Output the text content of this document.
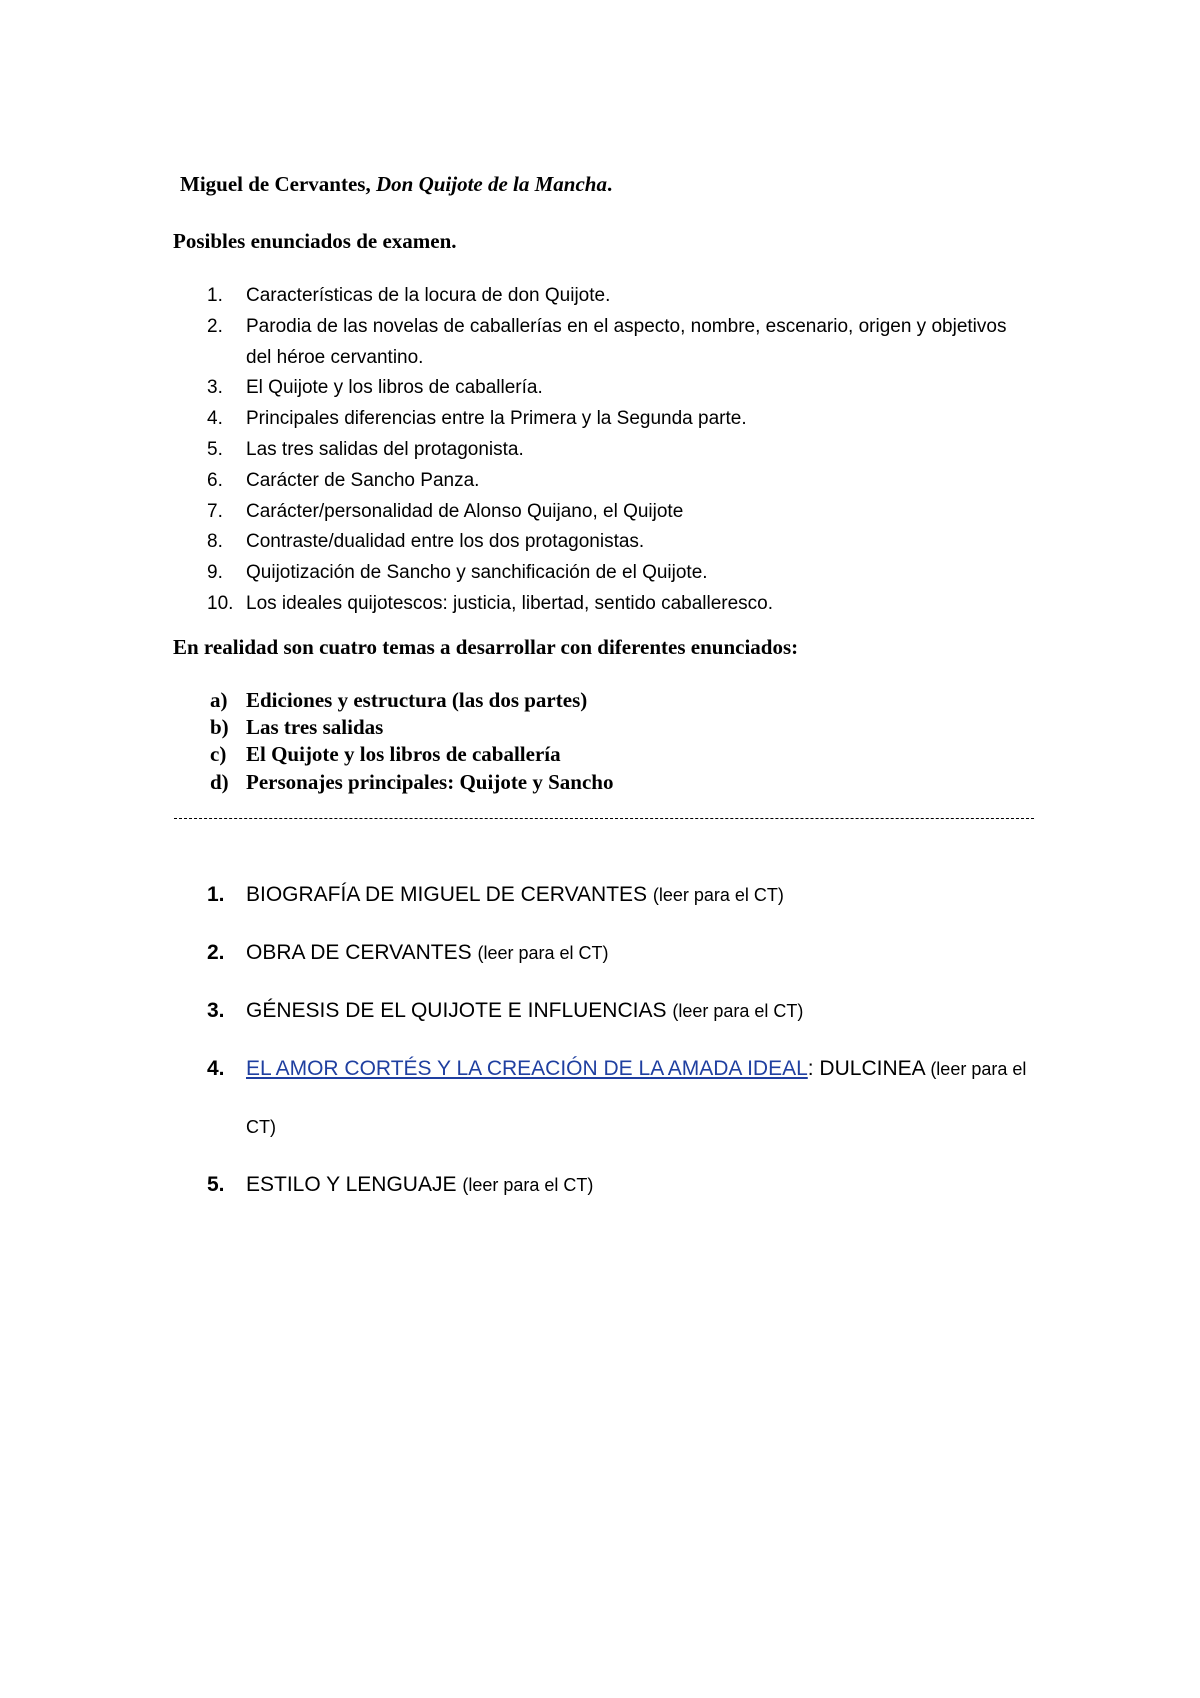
Miguel de Cervantes, Don Quijote de la Mancha.
Posibles enunciados de examen.
1.	Características de la locura de don Quijote.
2.	Parodia de las novelas de caballerías en el aspecto, nombre, escenario, origen y objetivos del héroe cervantino.
3.	El Quijote y los libros de caballería.
4.	Principales diferencias entre la Primera y la Segunda parte.
5.	Las tres salidas del protagonista.
6.	Carácter de Sancho Panza.
7.	Carácter/personalidad de Alonso Quijano, el Quijote
8.	Contraste/dualidad entre los dos protagonistas.
9.	Quijotización de Sancho y sanchificación de el Quijote.
10. Los ideales quijotescos: justicia, libertad, sentido caballeresco.
En realidad son cuatro temas a desarrollar con diferentes enunciados:
a) Ediciones y estructura (las dos partes)
b) Las tres salidas
c) El Quijote y los libros de caballería
d) Personajes principales: Quijote y Sancho
1.	BIOGRAFÍA DE MIGUEL DE CERVANTES (leer para el CT)
2.	OBRA DE CERVANTES (leer para el CT)
3.	GÉNESIS DE EL QUIJOTE E INFLUENCIAS (leer para el CT)
4.	EL AMOR CORTÉS Y LA CREACIÓN DE LA AMADA IDEAL: DULCINEA (leer para el CT)
5.	ESTILO Y LENGUAJE (leer para el CT)
